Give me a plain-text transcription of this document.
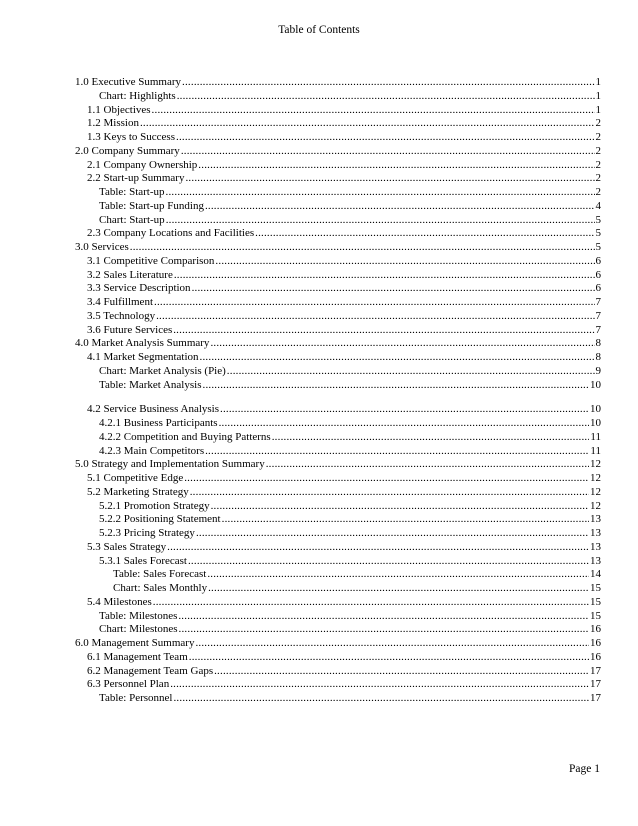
Table of Contents
1.0 Executive Summary .....	1
Chart: Highlights .....	1
1.1 Objectives .....	1
1.2 Mission .....	2
1.3 Keys to Success .....	2
2.0 Company Summary .....	2
2.1 Company Ownership .....	2
2.2 Start-up Summary .....	2
Table: Start-up .....	2
Table: Start-up Funding .....	4
Chart: Start-up .....	5
2.3 Company Locations and Facilities .....	5
3.0 Services .....	5
3.1 Competitive Comparison .....	6
3.2 Sales Literature .....	6
3.3 Service Description .....	6
3.4 Fulfillment .....	7
3.5 Technology .....	7
3.6 Future Services .....	7
4.0 Market Analysis Summary .....	8
4.1 Market Segmentation .....	8
Chart: Market Analysis (Pie) .....	9
Table: Market Analysis .....	10
4.2 Service Business Analysis .....	10
4.2.1 Business Participants .....	10
4.2.2 Competition and Buying Patterns .....	11
4.2.3 Main Competitors .....	11
5.0 Strategy and Implementation Summary .....	12
5.1 Competitive Edge .....	12
5.2 Marketing Strategy .....	12
5.2.1 Promotion Strategy .....	12
5.2.2 Positioning Statement .....	13
5.2.3 Pricing Strategy .....	13
5.3 Sales Strategy .....	13
5.3.1 Sales Forecast .....	13
Table: Sales Forecast .....	14
Chart: Sales Monthly .....	15
5.4 Milestones .....	15
Table: Milestones .....	15
Chart: Milestones .....	16
6.0 Management Summary .....	16
6.1 Management Team .....	16
6.2 Management Team Gaps .....	17
6.3 Personnel Plan .....	17
Table: Personnel .....	17
Page 1
